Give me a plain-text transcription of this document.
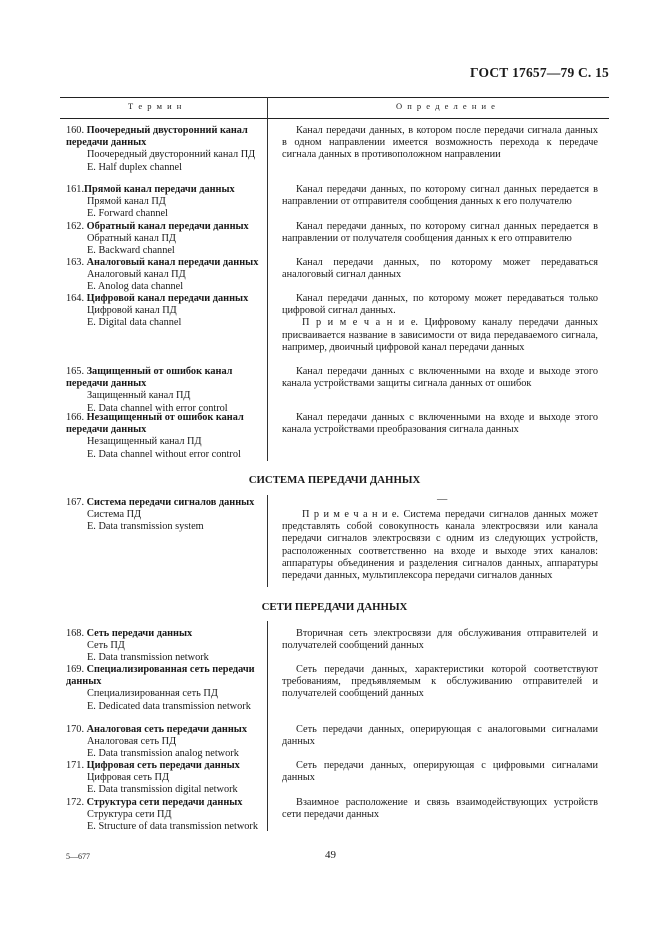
ГОСТ 17657—79 С. 15
Т е р м и н	О п р е д е л е н и е
160. Поочередный двусторонний канал передачи данных
Поочередный двусторонний канал ПД
E. Half duplex channel
Канал передачи данных, в котором после передачи сигнала данных в одном направлении имеется возможность перехода к передаче сигнала данных в противоположном направлении
161.Прямой канал передачи данных
Прямой канал ПД
E. Forward channel
Канал передачи данных, по которому сигнал данных передается в направлении от отправителя сообщения данных к его получателю
162. Обратный канал передачи данных
Обратный канал ПД
E. Backward channel
Канал передачи данных, по которому сигнал данных передается в направлении от получателя сообщения данных к его отправителю
163. Аналоговый канал передачи данных
Аналоговый канал ПД
E. Anolog data channel
Канал передачи данных, по которому может передаваться аналоговый сигнал данных
164. Цифровой канал передачи данных
Цифровой канал ПД
E. Digital data channel
Канал передачи данных, по которому может передаваться только цифровой сигнал данных.
П р и м е ч а н и е. Цифровому каналу передачи данных присваивается название в зависимости от вида передаваемого сигнала, например, двоичный цифровой канал передачи данных
165. Защищенный от ошибок канал передачи данных
Защищенный канал ПД
E. Data channel with error control
Канал передачи данных с включенными на входе и выходе этого канала устройствами защиты сигнала данных от ошибок
166. Незащищенный от ошибок канал передачи данных
Незащищенный канал ПД
E. Data channel without error control
Канал передачи данных с включенными на входе и выходе этого канала устройствами преобразования сигнала данных
СИСТЕМА ПЕРЕДАЧИ ДАННЫХ
167. Система передачи сигналов данных
Система ПД
E. Data transmission system
—
П р и м е ч а н и е. Система передачи сигналов данных может представлять собой совокупность канала электросвязи или канала передачи сигналов электросвязи с одним из следующих устройств, расположенных соответственно на входе и выходе этих каналов: аппаратуры объединения и разделения сигналов данных, аппаратуры передачи данных, мультиплексора передачи сигналов данных
СЕТИ ПЕРЕДАЧИ ДАННЫХ
168. Сеть передачи данных
Сеть ПД
E. Data transmission network
Вторичная сеть электросвязи для обслуживания отправителей и получателей сообщений данных
169. Специализированная сеть передачи данных
Специализированная сеть ПД
E. Dedicated data transmission network
Сеть передачи данных, характеристики которой соответствуют требованиям, предъявляемым к обслуживанию отправителей и получателей сообщений данных
170. Аналоговая сеть передачи данных
Аналоговая сеть ПД
E. Data transmission analog network
Сеть передачи данных, оперирующая с аналоговыми сигналами данных
171. Цифровая сеть передачи данных
Цифровая сеть ПД
E. Data transmission digital network
Сеть передачи данных, оперирующая с цифровыми сигналами данных
172. Структура сети передачи данных
Структура сети ПД
E. Structure of data transmission network
Взаимное расположение и связь взаимодействующих устройств сети передачи данных
5—677	49
